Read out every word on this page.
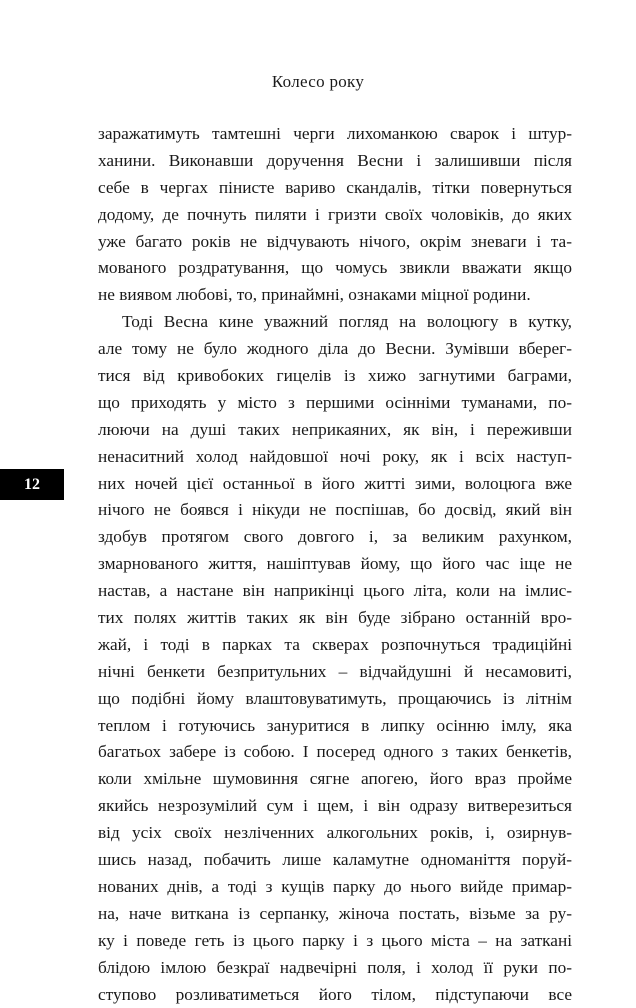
Колесо року
12

заражатимуть тамтешні черги лихоманкою сварок і штур-
ханини. Виконавши доручення Весни і залишивши після
себе в чергах пінисте вариво скандалів, тітки повернуться
додому, де почнуть пиляти і гризти своїх чоловіків, до яких
уже багато років не відчувають нічого, окрім зневаги і та-
мованого роздратування, що чомусь звикли вважати якщо
не виявом любові, то, принаймні, ознаками міцної родини.

Тоді Весна кине уважний погляд на волоцюгу в кутку,
але тому не було жодного діла до Весни. Зумівши вберег-
тися від кривобоких гицелів із хижо загнутими баграми,
що приходять у місто з першими осінніми туманами, по-
люючи на душі таких неприкаяних, як він, і переживши
ненаситний холод найдовшої ночі року, як і всіх наступ-
них ночей цієї останньої в його житті зими, волоцюга вже
нічого не боявся і нікуди не поспішав, бо досвід, який він
здобув протягом свого довгого і, за великим рахунком,
змарнованого життя, нашіптував йому, що його час іще не
настав, а настане він наприкінці цього літа, коли на імлис-
тих полях життів таких як він буде зібрано останній вро-
жай, і тоді в парках та скверах розпочнуться традиційні
нічні бенкети безпритульних – відчайдушні й несамовиті,
що подібні йому влаштовуватимуть, прощаючись із літнім
теплом і готуючись зануритися в липку осінню імлу, яка
багатьох забере із собою. І посеред одного з таких бенкетів,
коли хмільне шумовиння сягне апогею, його враз пройме
якийсь незрозумілий сум і щем, і він одразу витверезиться
від усіх своїх незліченних алкогольних років, і, озирнув-
шись назад, побачить лише каламутне одноманіття поруй-
нованих днів, а тоді з кущів парку до нього вийде примар-
на, наче виткана із серпанку, жіноча постать, візьме за ру-
ку і поведе геть із цього парку і з цього міста – на заткані
блідою імлою безкраї надвечірні поля, і холод її руки по-
ступово розливатиметься його тілом, підступаючи все
